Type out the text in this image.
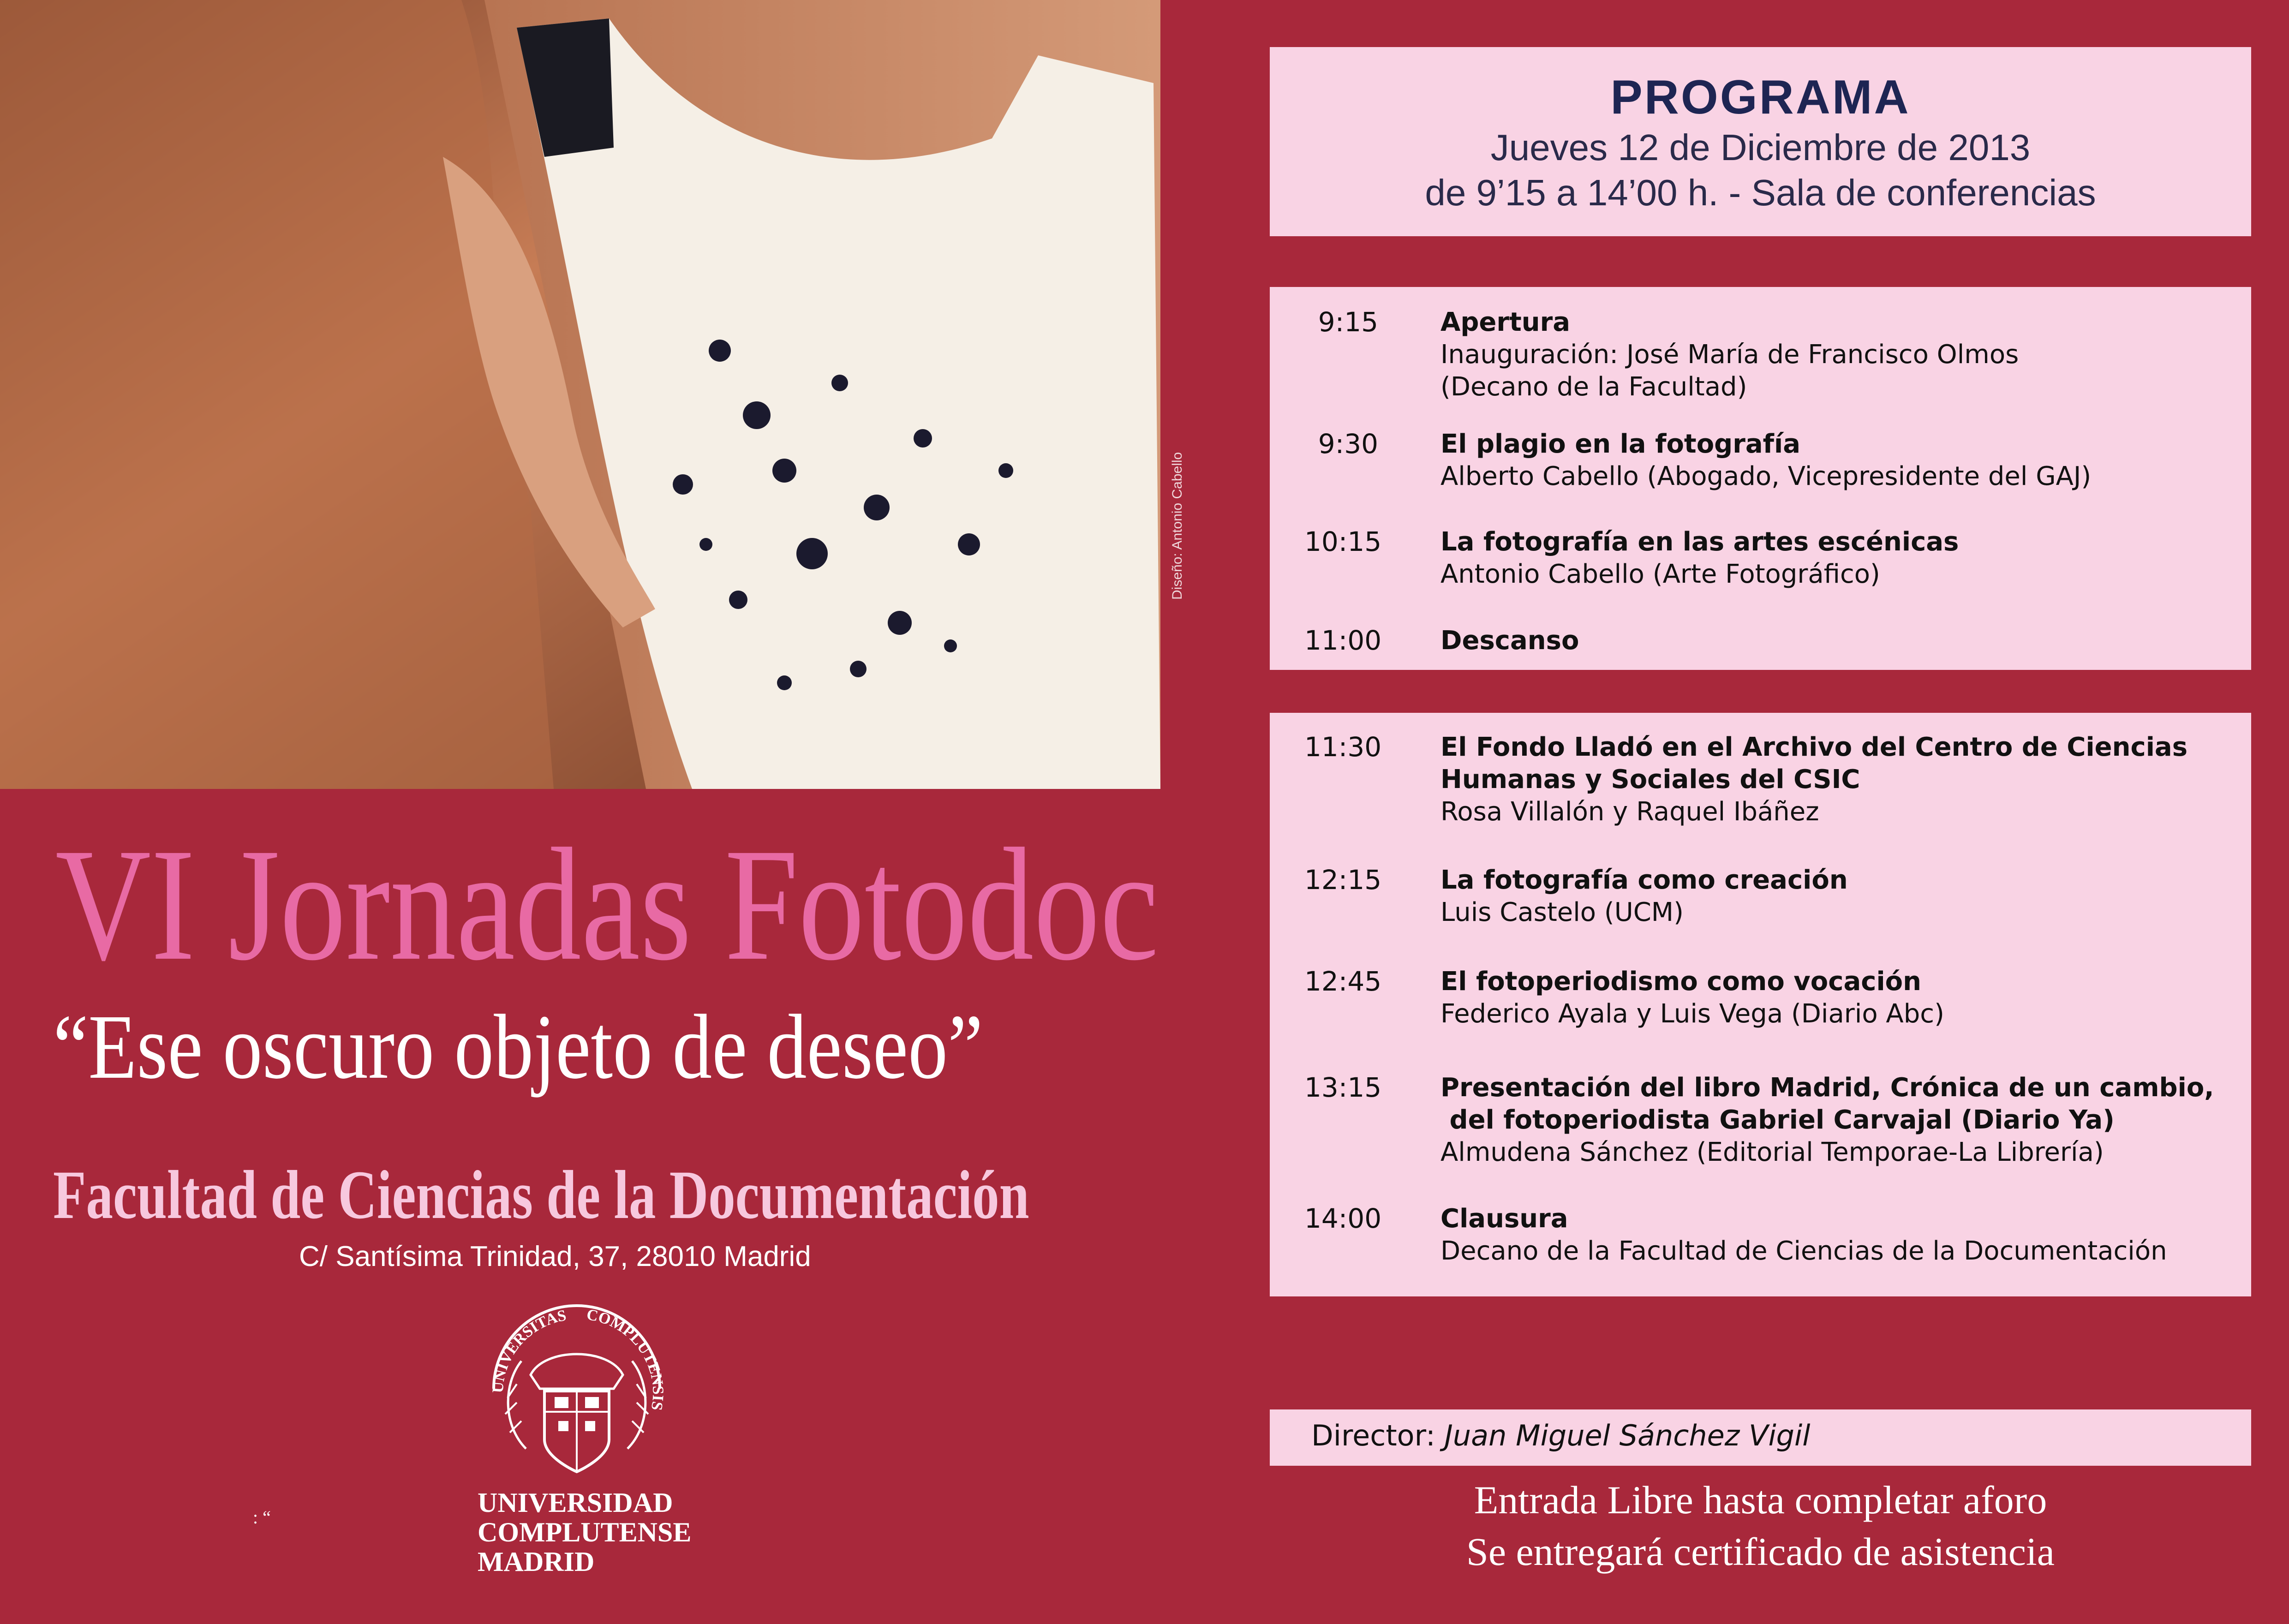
Diseño: Antonio Cabello
VI Jornadas Fotodoc
“Ese oscuro objeto de deseo”
Facultad de Ciencias de la Documentación
C/ Santísima Trinidad, 37, 28010 Madrid
UNIVERSITAS COMPLUTENSIS
UNIVERSIDAD
COMPLUTENSE
MADRID
: “
PROGRAMA
Jueves 12 de Diciembre de 2013
de 9’15 a 14’00 h. - Sala de conferencias
9:15 Apertura
Inauguración: José María de Francisco Olmos
(Decano de la Facultad)
9:30 El plagio en la fotografía
Alberto Cabello (Abogado, Vicepresidente del GAJ)
10:15 La fotografía en las artes escénicas
Antonio Cabello (Arte Fotográfico)
11:00 Descanso
11:30 El Fondo Lladó en el Archivo del Centro de Ciencias
Humanas y Sociales del CSIC
Rosa Villalón y Raquel Ibáñez
12:15 La fotografía como creación
Luis Castelo (UCM)
12:45 El fotoperiodismo como vocación
Federico Ayala y Luis Vega (Diario Abc)
13:15 Presentación del libro Madrid, Crónica de un cambio,
del fotoperiodista Gabriel Carvajal (Diario Ya)
Almudena Sánchez (Editorial Temporae-La Librería)
14:00 Clausura
Decano de la Facultad de Ciencias de la Documentación
Director: Juan Miguel Sánchez Vigil
Entrada Libre hasta completar aforo
Se entregará certificado de asistencia
